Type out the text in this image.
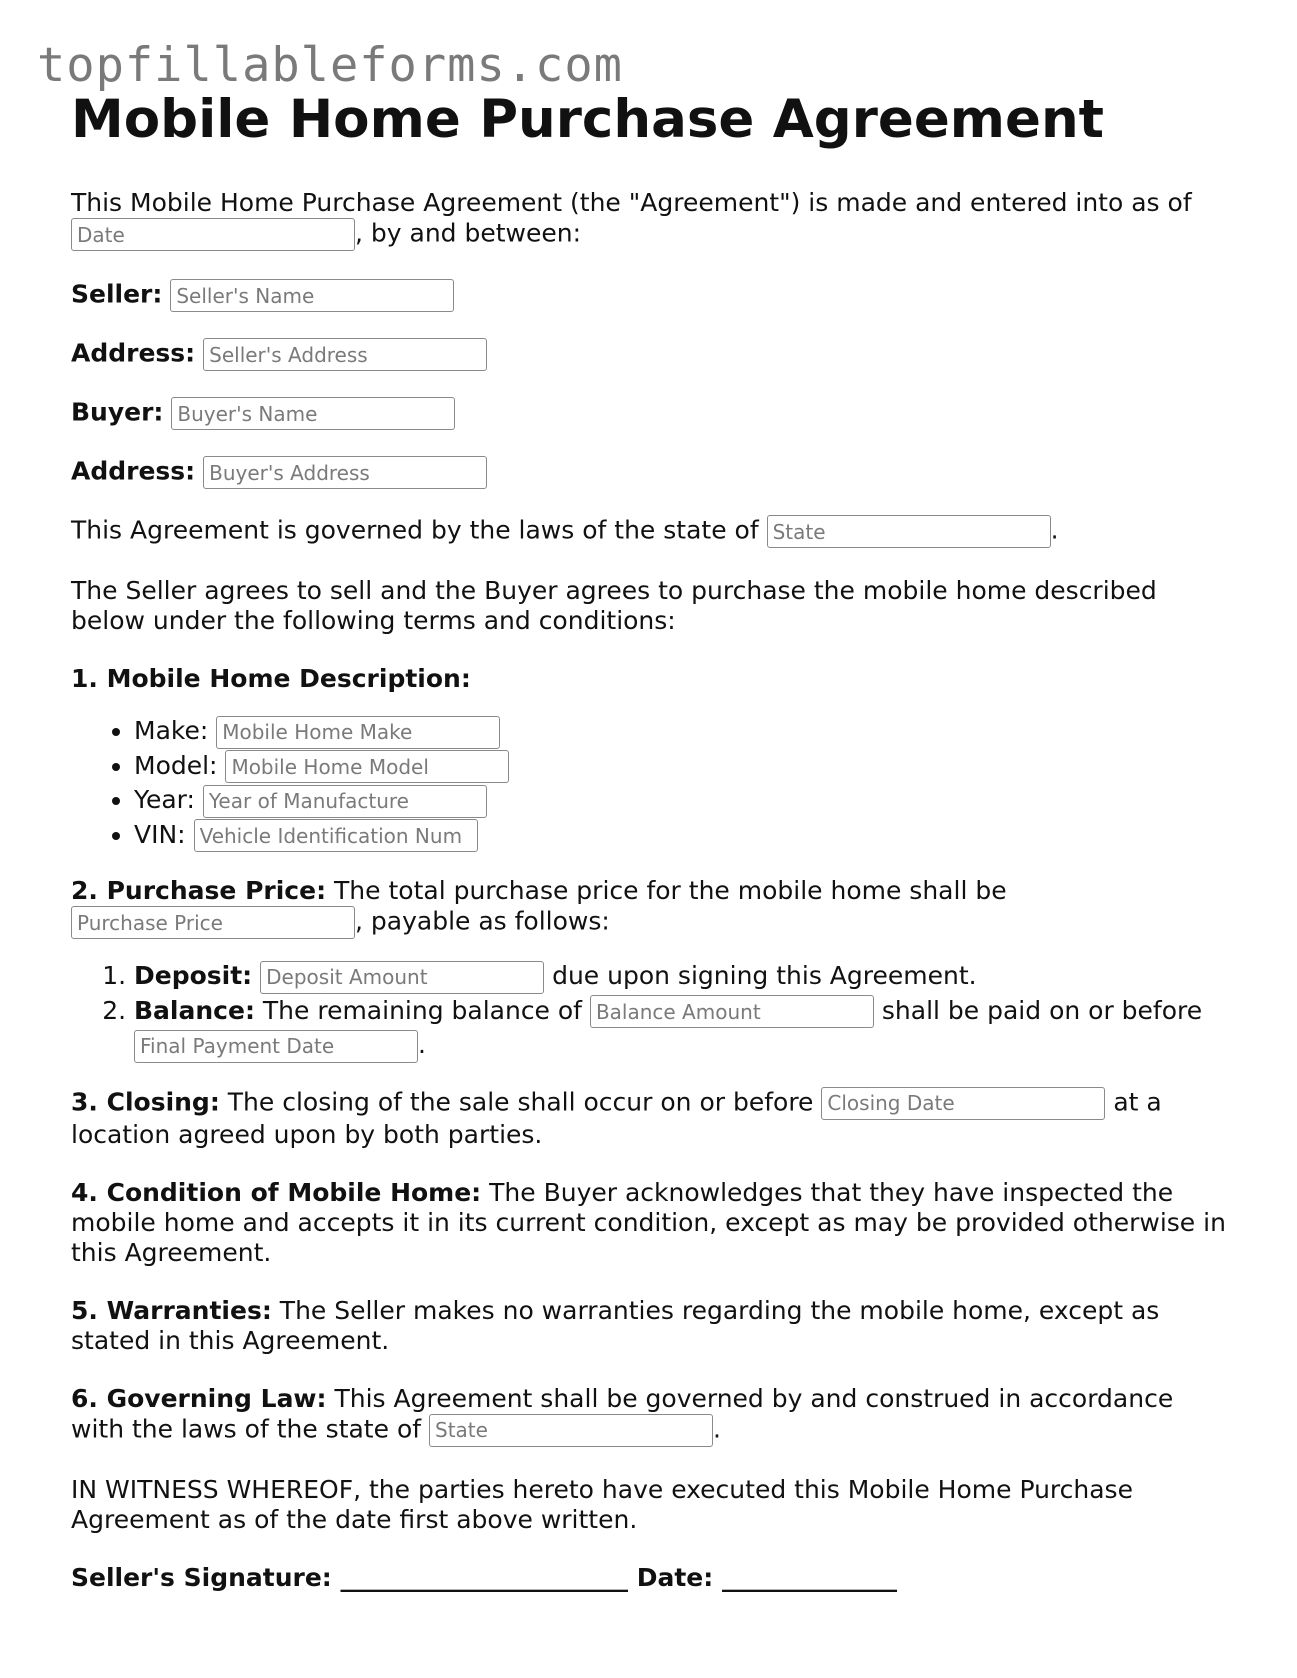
topfillableforms.com
Mobile Home Purchase Agreement

This Mobile Home Purchase Agreement (the "Agreement") is made and entered into as of
Date, by and between:

Seller: Seller's Name
Address: Seller's Address
Buyer: Buyer's Name
Address: Buyer's Address

This Agreement is governed by the laws of the state of State	.

The Seller agrees to sell and the Buyer agrees to purchase the mobile home described below under the following terms and conditions:

1. Mobile Home Description:

• Make: Mobile Home Make
• Model: Mobile Home Model
• Year: Year of Manufacture
• VIN: Vehicle Identification Num

2. Purchase Price: The total purchase price for the mobile home shall be
Purchase Price, payable as follows:

1. Deposit: Deposit Amount	due upon signing this Agreement.
2. Balance: The remaining balance of Balance Amount	shall be paid on or before
Final Payment Date.

3. Closing: The closing of the sale shall occur on or before Closing Date	at a location agreed upon by both parties.

4. Condition of Mobile Home: The Buyer acknowledges that they have inspected the mobile home and accepts it in its current condition, except as may be provided otherwise in this Agreement.

5. Warranties: The Seller makes no warranties regarding the mobile home, except as stated in this Agreement.

6. Governing Law: This Agreement shall be governed by and construed in accordance with the laws of the state of State	.

IN WITNESS WHEREOF, the parties hereto have executed this Mobile Home Purchase Agreement as of the date first above written.

Seller's Signature: _______________________ Date: ______________
